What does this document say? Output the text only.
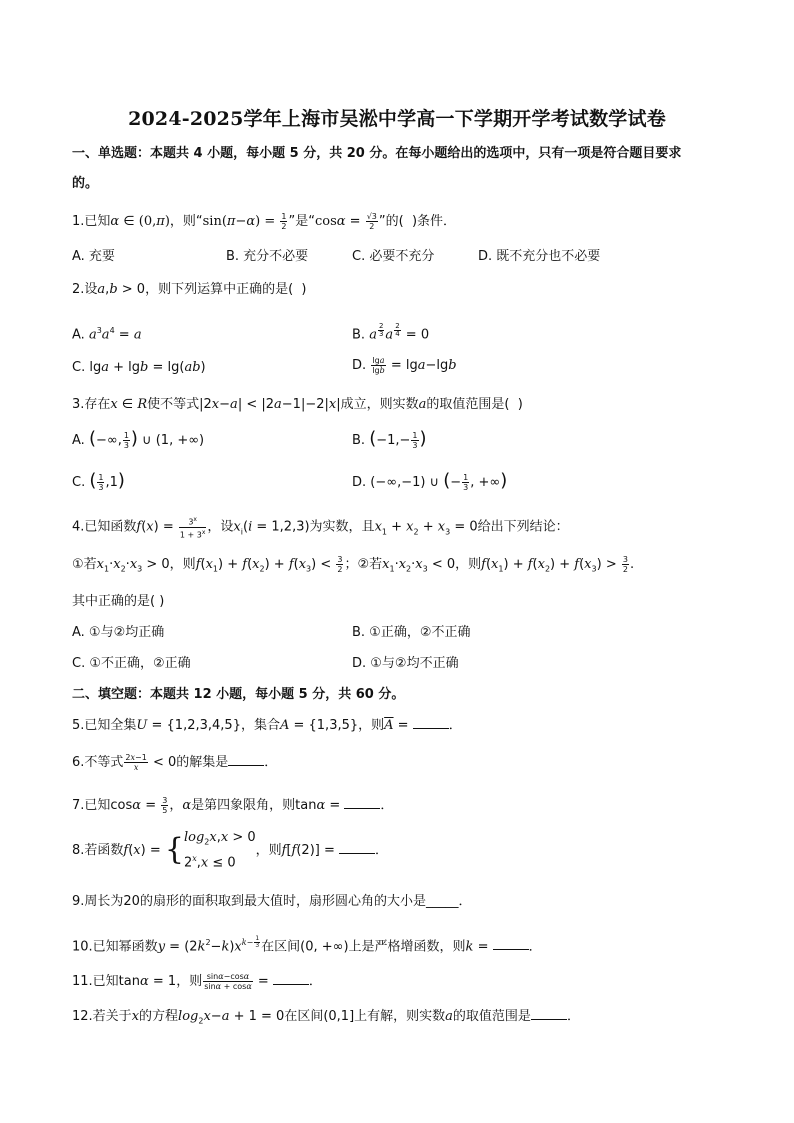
2024-2025学年上海市吴淞中学高一下学期开学考试数学试卷
一、单选题：本题共 4 小题，每小题 5 分，共 20 分。在每小题给出的选项中，只有一项是符合题目要求
的。
1.已知α ∈ (0,π)，则“$\sin(\pi-\alpha) = \frac{1}{2}$ ”是“$\cos\alpha = \frac{√3}{2}$ ”的(  )条件．
A. 充要	B. 充分不必要	C. 必要不充分	D. 既不充分也不必要
2.设a,b > 0，则下列运算中正确的是(  )
A. $a^3a^4 = a$	B. a $^{\frac{2}{3}}$ a $^{\frac{2}{4}}$ = 0
C. lga + lgb = lg(ab)	D. $\frac{\lg a}{\lg b} = \lg a-\lg b$
3.存在x ∈ R使不等式|2x−a| < |2a−1|−2|x|成立，则实数a的取值范围是(  )
A. (−∞, $\frac{1}{3}$ ) ∪ (1, +∞)	B. ($-1,- \frac{1}{3}$ )
C. ( $\frac{1}{3} ,1$)	D. (−∞,−1) ∪ (− $\frac{1}{3}$ , +∞)
4.已知函数$f(x) = \frac{3^x}{1 + 3^x}$ ，设$x_i(i = 1,2,3)$为实数，且$x_1 + x_2 + x_3 = 0$给出下列结论：
①若$x_1\cdot x_2\cdot x_3 > 0$，则$f(x_1) + f(x_2) + f(x_3) < \frac{3}{2}$ ；②若$x_1\cdot x_2\cdot x_3 < 0$，则$f(x_1) + f(x_2) + f(x_3) > \frac{3}{2}$ .
其中正确的是( )
A. ①与②均正确	B. ①正确，②不正确
C. ①不正确，②正确	D. ①与②均不正确
二、填空题：本题共 12 小题，每小题 5 分，共 60 分。
5.已知全集U = {1,2,3,4,5}，集合A = {1,3,5}，则$\overline{A}$ =	．
6.不等式 $\frac{2x-1}{x} < 0$的解集是	．
7.已知$\cos\alpha = \frac{3}{5}$ ，α是第四象限角，则tanα =	．
8.若函数f(x) = { $\log_2x,x > 0$
$2^x,x \le 0$
，则f[f(2)] =	．
9.周长为20的扇形的面积取到最大值时，扇形圆心角的大小是_____．
10.已知幂函数$y = (2k^2-k)x^{k- \frac{1}{3}}$ 在区间(0, +∞)上是严格增函数，则k =	．
11.已知tanα = 1，则 $\frac{\sin\alpha-\cos\alpha}{\sin\alpha + \cos\alpha}$ =	．
12.若关于x的方程$\log_2x-a + 1 = 0$在区间(0,1]上有解，则实数a的取值范围是	．
